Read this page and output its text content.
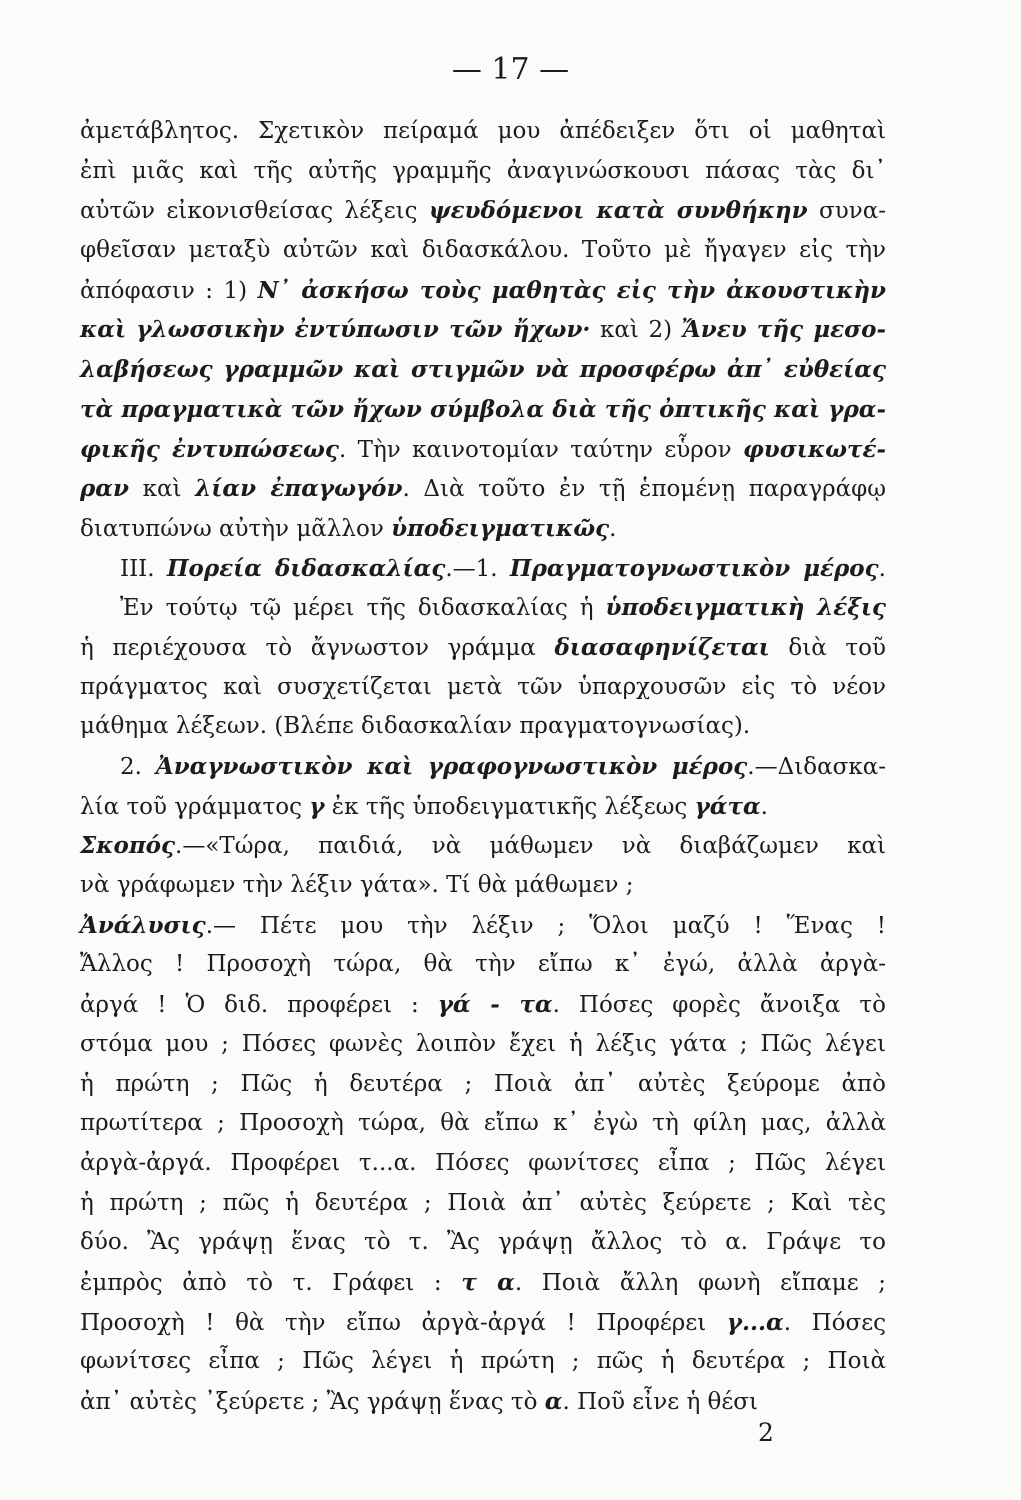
— 17 —
ἀμετάβλητος. Σχετικὸν πείραμά μου ἀπέδειξεν ὅτι οἱ μαθηταὶ
ἐπὶ μιᾶς καὶ τῆς αὐτῆς γραμμῆς ἀναγινώσκουσι πάσας τὰς δι᾽
αὐτῶν εἰκονισθείσας λέξεις ψευδόμενοι κατὰ συνθήκην συνα-
φθεῖσαν μεταξὺ αὐτῶν καὶ διδασκάλου. Τοῦτο μὲ ἤγαγεν εἰς τὴν
ἀπόφασιν : 1) Ν᾽ ἀσκήσω τοὺς μαθητὰς εἰς τὴν ἀκουστικὴν
καὶ γλωσσικὴν ἐντύπωσιν τῶν ἤχων· καὶ 2) Ἄνευ τῆς μεσο-
λαβήσεως γραμμῶν καὶ στιγμῶν νὰ προσφέρω ἀπ᾽ εὐθείας
τὰ πραγματικὰ τῶν ἤχων σύμβολα διὰ τῆς ὀπτικῆς καὶ γρα-
φικῆς ἐντυπώσεως. Τὴν καινοτομίαν ταύτην εὗρον φυσικωτέ-
ραν καὶ λίαν ἐπαγωγόν. Διὰ τοῦτο ἐν τῇ ἑπομένῃ παραγράφῳ
διατυπώνω αὐτὴν μᾶλλον ὑποδειγματικῶς.
III. Πορεία διδασκαλίας.—1. Πραγματογνωστικὸν μέρος.
Ἐν τούτῳ τῷ μέρει τῆς διδασκαλίας ἡ ὑποδειγματικὴ λέξις
ἡ περιέχουσα τὸ ἄγνωστον γράμμα διασαφηνίζεται διὰ τοῦ
πράγματος καὶ συσχετίζεται μετὰ τῶν ὑπαρχουσῶν εἰς τὸ νέον
μάθημα λέξεων. (Βλέπε διδασκαλίαν πραγματογνωσίας).
2. Ἀναγνωστικὸν καὶ γραφογνωστικὸν μέρος.—Διδασκα-
λία τοῦ γράμματος γ ἐκ τῆς ὑποδειγματικῆς λέξεως γάτα.
Σκοπός.—«Τώρα, παιδιά, νὰ μάθωμεν νὰ διαβάζωμεν καὶ
νὰ γράφωμεν τὴν λέξιν γάτα». Τί θὰ μάθωμεν ;
Ἀνάλυσις.— Πέτε μου τὴν λέξιν ; Ὅλοι μαζύ ! Ἕνας !
Ἄλλος ! Προσοχὴ τώρα, θὰ τὴν εἴπω κ᾽ ἐγώ, ἀλλὰ ἀργὰ-
ἀργά ! Ὁ διδ. προφέρει : γά - τα. Πόσες φορὲς ἄνοιξα τὸ
στόμα μου ; Πόσες φωνὲς λοιπὸν ἔχει ἡ λέξις γάτα ; Πῶς λέγει
ἡ πρώτη ; Πῶς ἡ δευτέρα ; Ποιὰ ἀπ᾽ αὐτὲς ξεύρομε ἀπὸ
πρωτίτερα ; Προσοχὴ τώρα, θὰ εἴπω κ᾽ ἐγὼ τὴ φίλη μας, ἀλλὰ
ἀργὰ-ἀργά. Προφέρει τ...α. Πόσες φωνίτσες εἶπα ; Πῶς λέγει
ἡ πρώτη ; πῶς ἡ δευτέρα ; Ποιὰ ἀπ᾽ αὐτὲς ξεύρετε ; Καὶ τὲς
δύο. Ἂς γράψῃ ἕνας τὸ τ. Ἂς γράψῃ ἄλλος τὸ α. Γράψε το
ἐμπρὸς ἀπὸ τὸ τ. Γράφει : τ α. Ποιὰ ἄλλη φωνὴ εἴπαμε ;
Προσοχὴ ! θὰ τὴν εἴπω ἀργὰ-ἀργά ! Προφέρει γ...α. Πόσες
φωνίτσες εἶπα ; Πῶς λέγει ἡ πρώτη ; πῶς ἡ δευτέρα ; Ποιὰ
ἀπ᾽ αὐτὲς ᾽ξεύρετε ; Ἂς γράψῃ ἕνας τὸ α. Ποῦ εἶνε ἡ θέσι
2
